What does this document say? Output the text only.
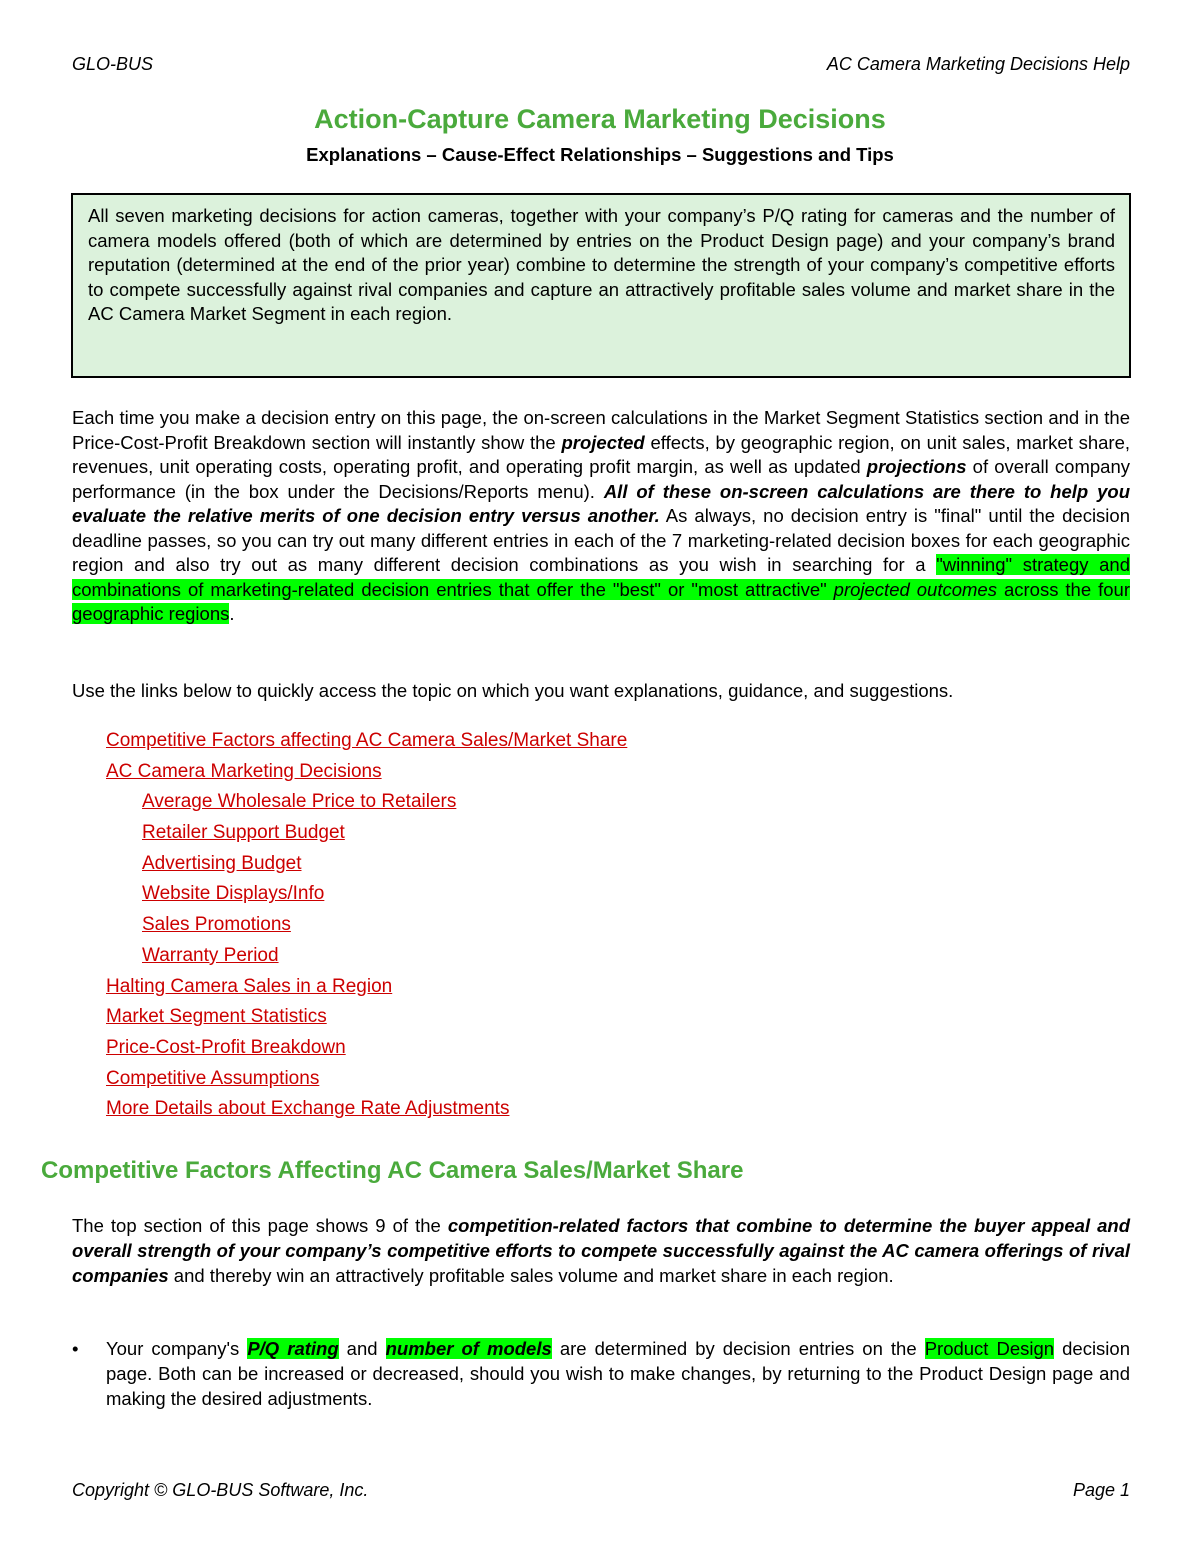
GLO-BUS	AC Camera Marketing Decisions Help
Action-Capture Camera Marketing Decisions
Explanations – Cause-Effect Relationships – Suggestions and Tips
All seven marketing decisions for action cameras, together with your company’s P/Q rating for cameras and the number of camera models offered (both of which are determined by entries on the Product Design page) and your company’s brand reputation (determined at the end of the prior year) combine to determine the strength of your company’s competitive efforts to compete successfully against rival companies and capture an attractively profitable sales volume and market share in the AC Camera Market Segment in each region.
Each time you make a decision entry on this page, the on-screen calculations in the Market Segment Statistics section and in the Price-Cost-Profit Breakdown section will instantly show the projected effects, by geographic region, on unit sales, market share, revenues, unit operating costs, operating profit, and operating profit margin, as well as updated projections of overall company performance (in the box under the Decisions/Reports menu). All of these on-screen calculations are there to help you evaluate the relative merits of one decision entry versus another. As always, no decision entry is "final" until the decision deadline passes, so you can try out many different entries in each of the 7 marketing-related decision boxes for each geographic region and also try out as many different decision combinations as you wish in searching for a "winning" strategy and combinations of marketing-related decision entries that offer the "best" or "most attractive" projected outcomes across the four geographic regions.
Use the links below to quickly access the topic on which you want explanations, guidance, and suggestions.
Competitive Factors affecting AC Camera Sales/Market Share
AC Camera Marketing Decisions
Average Wholesale Price to Retailers
Retailer Support Budget
Advertising Budget
Website Displays/Info
Sales Promotions
Warranty Period
Halting Camera Sales in a Region
Market Segment Statistics
Price-Cost-Profit Breakdown
Competitive Assumptions
More Details about Exchange Rate Adjustments
Competitive Factors Affecting AC Camera Sales/Market Share
The top section of this page shows 9 of the competition-related factors that combine to determine the buyer appeal and overall strength of your company’s competitive efforts to compete successfully against the AC camera offerings of rival companies and thereby win an attractively profitable sales volume and market share in each region.
•	Your company's P/Q rating and number of models are determined by decision entries on the Product Design decision page. Both can be increased or decreased, should you wish to make changes, by returning to the Product Design page and making the desired adjustments.
Copyright © GLO-BUS Software, Inc.	Page 1
